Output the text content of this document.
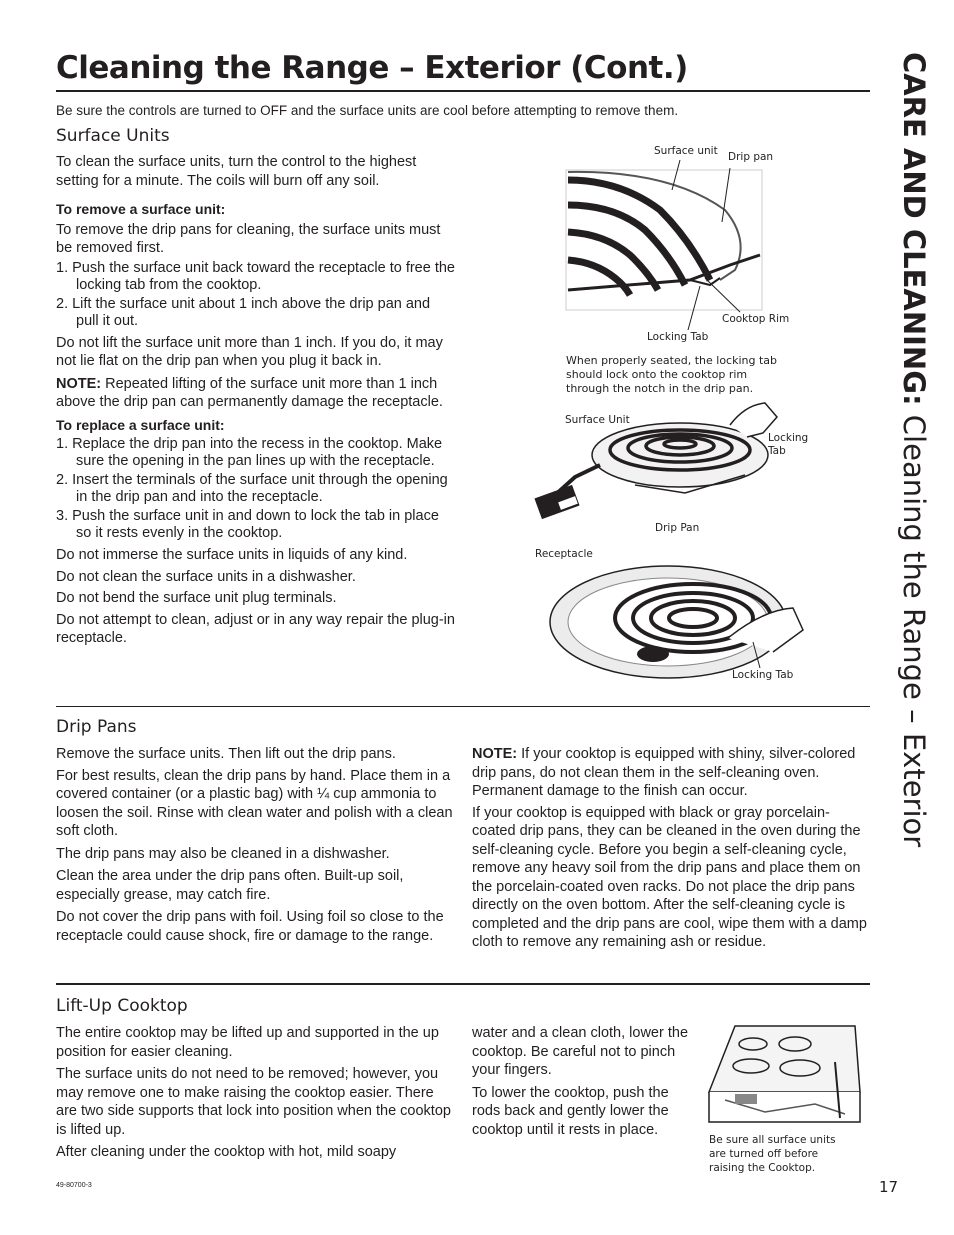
Cleaning the Range – Exterior (Cont.)	CARE AND CLEANING: Cleaning the Range – Exterior
Be sure the controls are turned to OFF and the surface units are cool before attempting to remove them.
Surface Units

To clean the surface units, turn the control to the highest setting for a minute. The coils will burn off any soil.

To remove a surface unit:

To remove the drip pans for cleaning, the surface units must be removed first.

1. Push the surface unit back toward the receptacle to free the locking tab from the cooktop.

2. Lift the surface unit about 1 inch above the drip pan and pull it out.

Do not lift the surface unit more than 1 inch. If you do, it may not lie flat on the drip pan when you plug it back in.

NOTE: Repeated lifting of the surface unit more than 1 inch above the drip pan can permanently damage the receptacle.

To replace a surface unit:

1. Replace the drip pan into the recess in the cooktop. Make sure the opening in the pan lines up with the receptacle.

2. Insert the terminals of the surface unit through the opening in the drip pan and into the receptacle.

3. Push the surface unit in and down to lock the tab in place so it rests evenly in the cooktop.

Do not immerse the surface units in liquids of any kind.

Do not clean the surface units in a dishwasher.

Do not bend the surface unit plug terminals.

Do not attempt to clean, adjust or in any way repair the plug-in receptacle.

Surface unit Drip pan
Cooktop Rim
Locking Tab
When properly seated, the locking tab should lock onto the cooktop rim through the notch in the drip pan.
Surface Unit
Locking Tab
Drip Pan
Receptacle
Locking Tab
Drip Pans

Remove the surface units. Then lift out the drip pans.

For best results, clean the drip pans by hand. Place them in a covered container (or a plastic bag) with ¼ cup ammonia to loosen the soil. Rinse with clean water and polish with a clean soft cloth.

The drip pans may also be cleaned in a dishwasher.

Clean the area under the drip pans often. Built-up soil, especially grease, may catch fire.

Do not cover the drip pans with foil. Using foil so close to the receptacle could cause shock, fire or damage to the range.

NOTE: If your cooktop is equipped with shiny, silver-colored drip pans, do not clean them in the self-cleaning oven. Permanent damage to the finish can occur.

If your cooktop is equipped with black or gray porcelain-coated drip pans, they can be cleaned in the oven during the self-cleaning cycle. Before you begin a self-cleaning cycle, remove any heavy soil from the drip pans and place them on the porcelain-coated oven racks. Do not place the drip pans directly on the oven bottom. After the self-cleaning cycle is completed and the drip pans are cool, wipe them with a damp cloth to remove any remaining ash or residue.

Lift-Up Cooktop

The entire cooktop may be lifted up and supported in the up position for easier cleaning.

The surface units do not need to be removed; however, you may remove one to make raising the cooktop easier. There are two side supports that lock into position when the cooktop is lifted up.

After cleaning under the cooktop with hot, mild soapy

water and a clean cloth, lower the cooktop. Be careful not to pinch your fingers.

To lower the cooktop, push the rods back and gently lower the cooktop until it rests in place.

Be sure all surface units are turned off before raising the Cooktop.
49-80700-3	17
